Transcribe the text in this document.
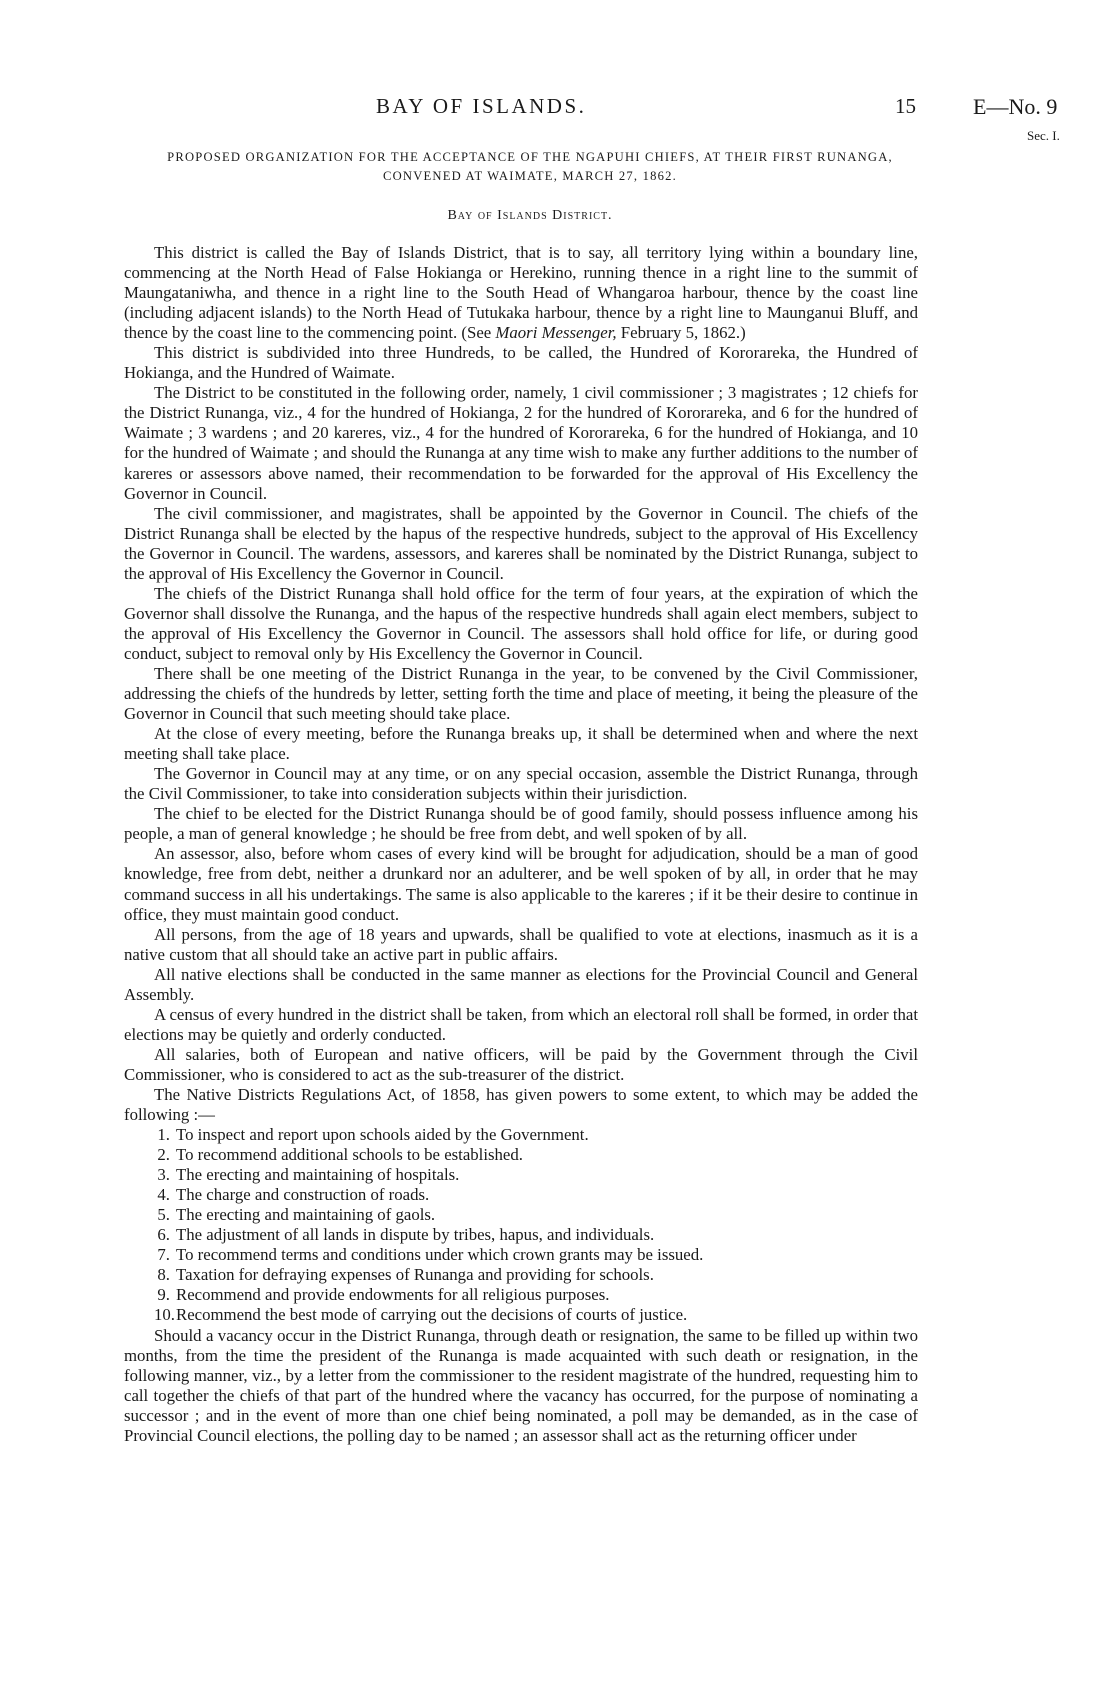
BAY OF ISLANDS.	15	E—No. 9
Sec. I.
PROPOSED ORGANIZATION FOR THE ACCEPTANCE OF THE NGAPUHI CHIEFS, AT THEIR FIRST RUNANGA, CONVENED AT WAIMATE, MARCH 27, 1862.
Bay of Islands District.

This district is called the Bay of Islands District, that is to say, all territory lying within a boundary line, commencing at the North Head of False Hokianga or Herekino, running thence in a right line to the summit of Maungataniwha, and thence in a right line to the South Head of Whangaroa harbour, thence by the coast line (including adjacent islands) to the North Head of Tutukaka harbour, thence by a right line to Maunganui Bluff, and thence by the coast line to the commencing point. (See Maori Messenger, February 5, 1862.)

This district is subdivided into three Hundreds, to be called, the Hundred of Kororareka, the Hundred of Hokianga, and the Hundred of Waimate.

The District to be constituted in the following order, namely, 1 civil commissioner ; 3 magistrates ; 12 chiefs for the District Runanga, viz., 4 for the hundred of Hokianga, 2 for the hundred of Kororareka, and 6 for the hundred of Waimate ; 3 wardens ; and 20 kareres, viz., 4 for the hundred of Kororareka, 6 for the hundred of Hokianga, and 10 for the hundred of Waimate ; and should the Runanga at any time wish to make any further additions to the number of kareres or assessors above named, their recommendation to be forwarded for the approval of His Excellency the Governor in Council.

The civil commissioner, and magistrates, shall be appointed by the Governor in Council. The chiefs of the District Runanga shall be elected by the hapus of the respective hundreds, subject to the approval of His Excellency the Governor in Council. The wardens, assessors, and kareres shall be nominated by the District Runanga, subject to the approval of His Excellency the Governor in Council.

The chiefs of the District Runanga shall hold office for the term of four years, at the expiration of which the Governor shall dissolve the Runanga, and the hapus of the respective hundreds shall again elect members, subject to the approval of His Excellency the Governor in Council. The assessors shall hold office for life, or during good conduct, subject to removal only by His Excellency the Governor in Council.

There shall be one meeting of the District Runanga in the year, to be convened by the Civil Commissioner, addressing the chiefs of the hundreds by letter, setting forth the time and place of meeting, it being the pleasure of the Governor in Council that such meeting should take place.

At the close of every meeting, before the Runanga breaks up, it shall be determined when and where the next meeting shall take place.

The Governor in Council may at any time, or on any special occasion, assemble the District Runanga, through the Civil Commissioner, to take into consideration subjects within their jurisdiction.

The chief to be elected for the District Runanga should be of good family, should possess influence among his people, a man of general knowledge ; he should be free from debt, and well spoken of by all.

An assessor, also, before whom cases of every kind will be brought for adjudication, should be a man of good knowledge, free from debt, neither a drunkard nor an adulterer, and be well spoken of by all, in order that he may command success in all his undertakings. The same is also applicable to the kareres ; if it be their desire to continue in office, they must maintain good conduct.

All persons, from the age of 18 years and upwards, shall be qualified to vote at elections, inasmuch as it is a native custom that all should take an active part in public affairs.

All native elections shall be conducted in the same manner as elections for the Provincial Council and General Assembly.

A census of every hundred in the district shall be taken, from which an electoral roll shall be formed, in order that elections may be quietly and orderly conducted.

All salaries, both of European and native officers, will be paid by the Government through the Civil Commissioner, who is considered to act as the sub-treasurer of the district.

The Native Districts Regulations Act, of 1858, has given powers to some extent, to which may be added the following :—

1. To inspect and report upon schools aided by the Government.
2. To recommend additional schools to be established.
3. The erecting and maintaining of hospitals.
4. The charge and construction of roads.
5. The erecting and maintaining of gaols.
6. The adjustment of all lands in dispute by tribes, hapus, and individuals.
7. To recommend terms and conditions under which crown grants may be issued.
8. Taxation for defraying expenses of Runanga and providing for schools.
9. Recommend and provide endowments for all religious purposes.
10.Recommend the best mode of carrying out the decisions of courts of justice.

Should a vacancy occur in the District Runanga, through death or resignation, the same to be filled up within two months, from the time the president of the Runanga is made acquainted with such death or resignation, in the following manner, viz., by a letter from the commissioner to the resident magistrate of the hundred, requesting him to call together the chiefs of that part of the hundred where the vacancy has occurred, for the purpose of nominating a successor ; and in the event of more than one chief being nominated, a poll may be demanded, as in the case of Provincial Council elections, the polling day to be named ; an assessor shall act as the returning officer under
